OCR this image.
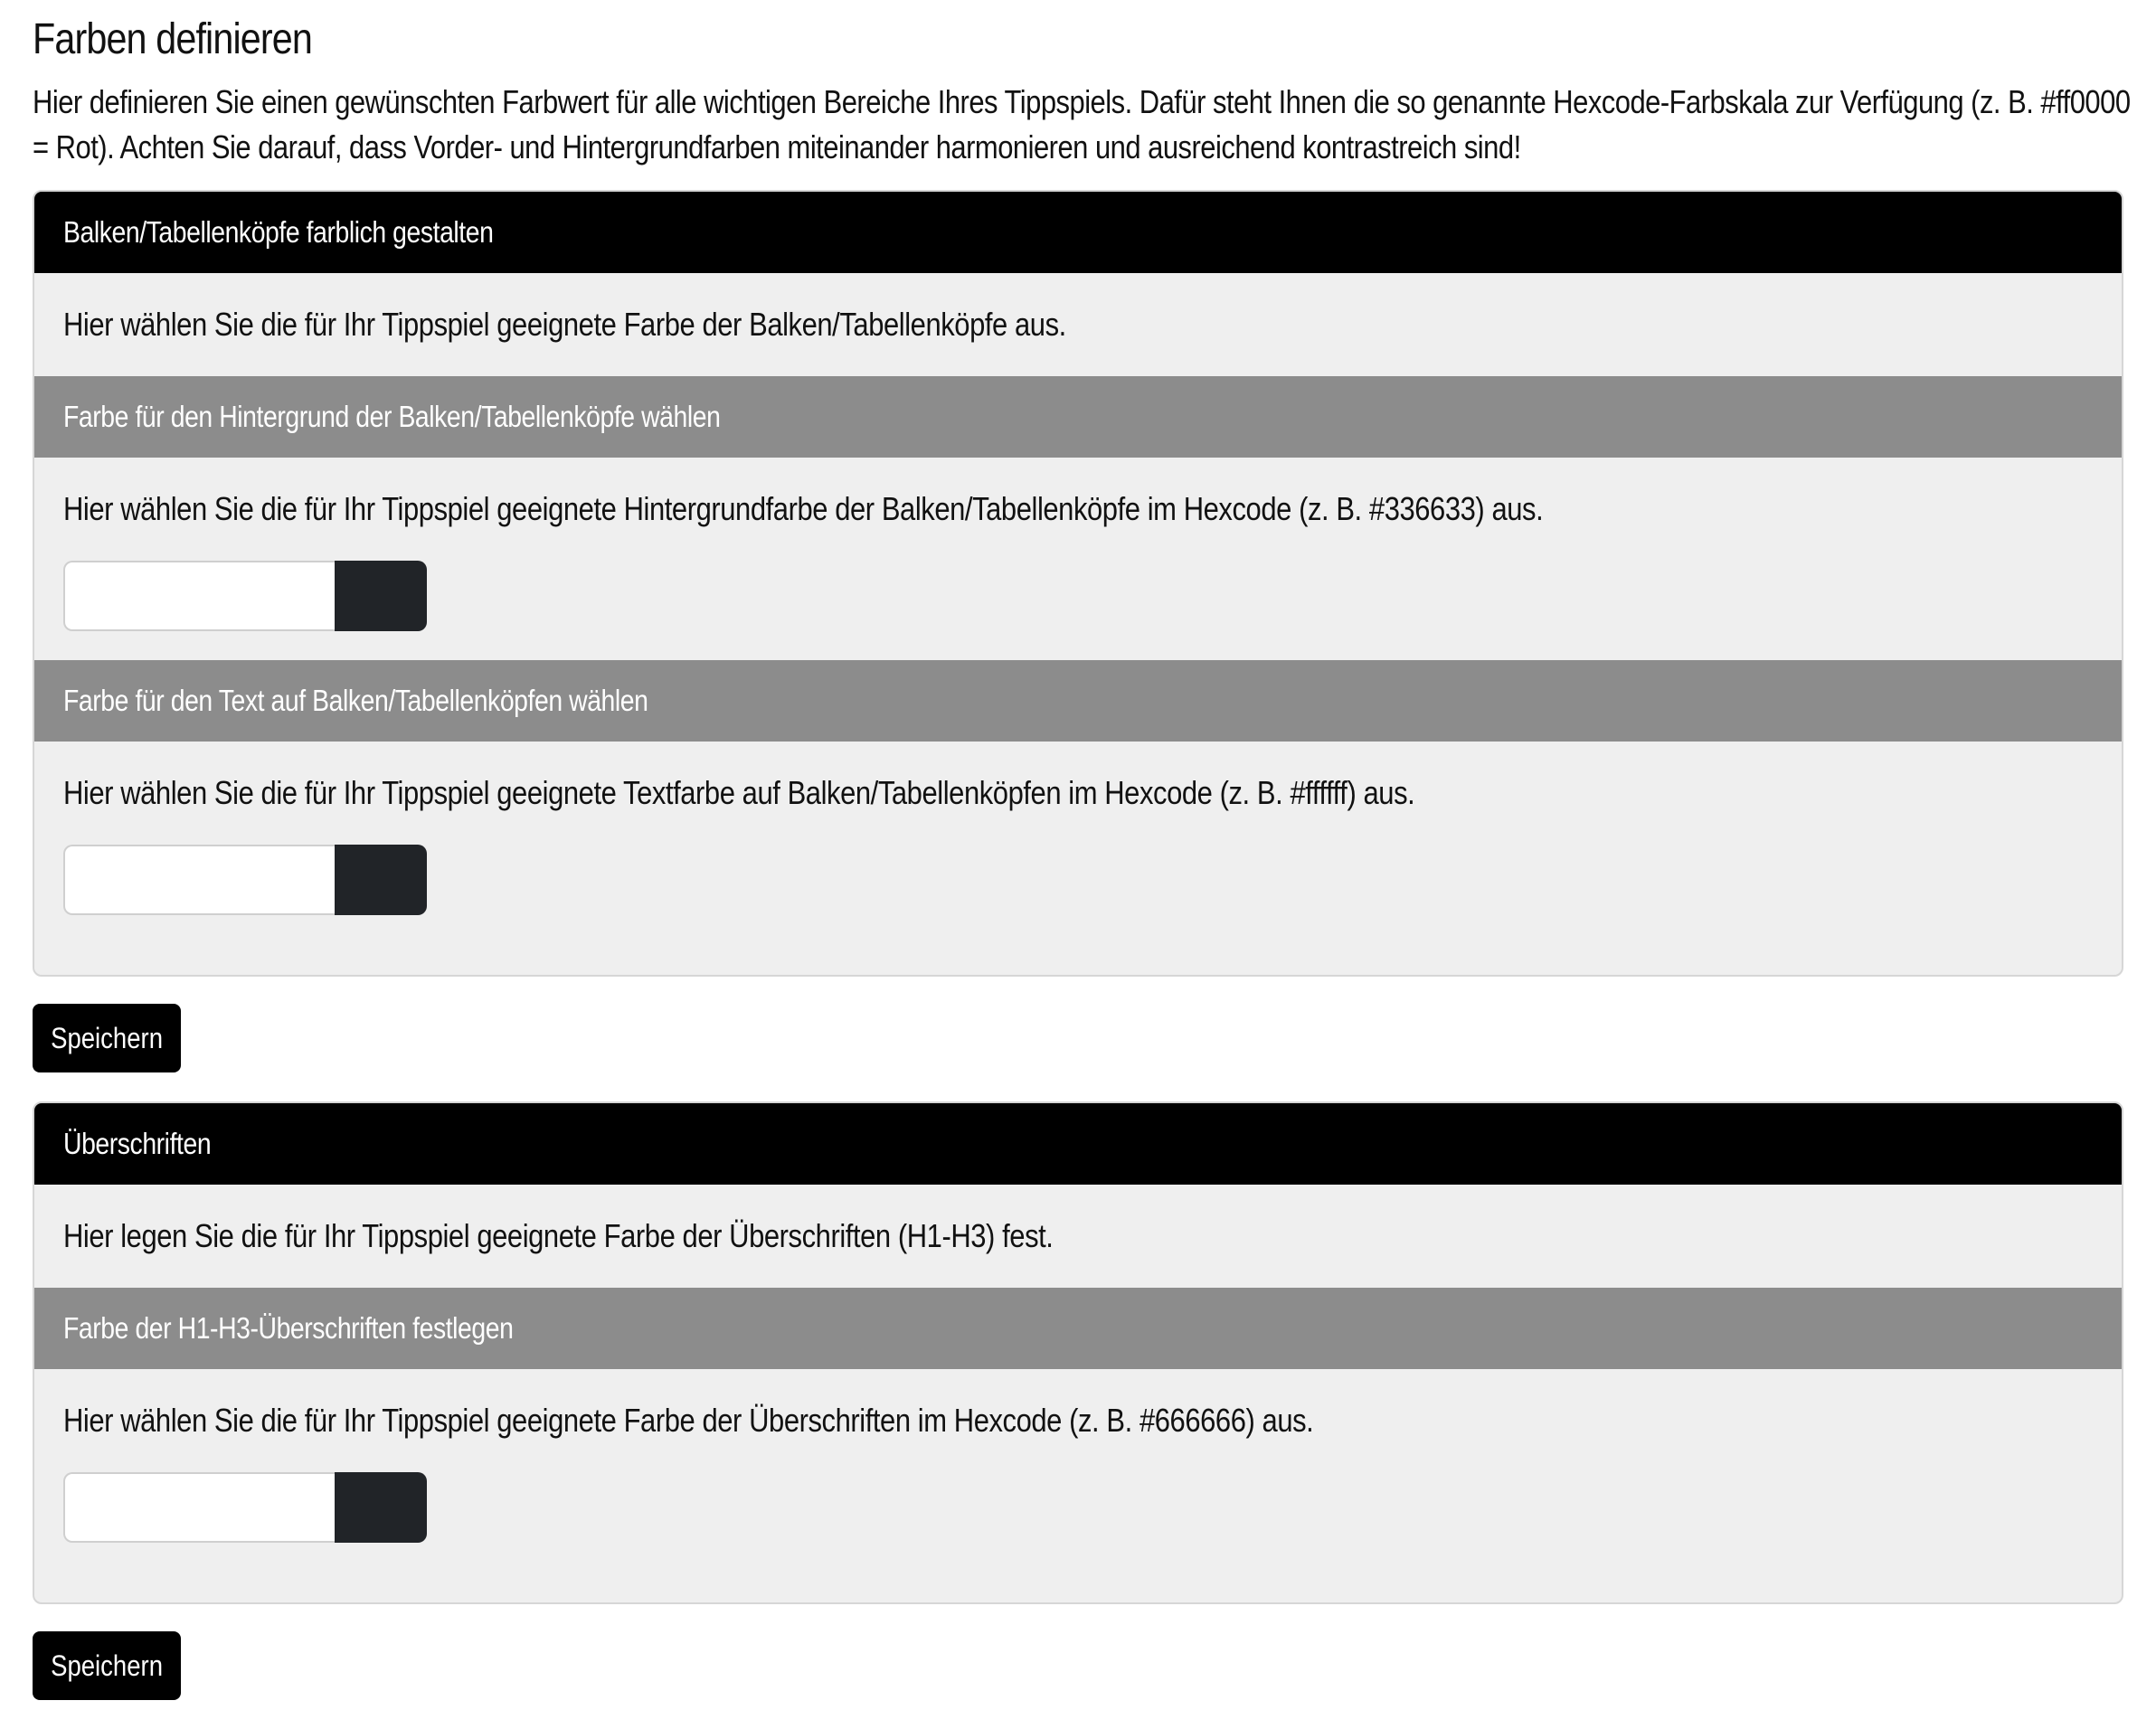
Farben definieren
Hier definieren Sie einen gewünschten Farbwert für alle wichtigen Bereiche Ihres Tippspiels. Dafür steht Ihnen die so genannte Hexcode-Farbskala zur Verfügung (z. B. #ff0000 = Rot). Achten Sie darauf, dass Vorder- und Hintergrundfarben miteinander harmonieren und ausreichend kontrastreich sind!
Balken/Tabellenköpfe farblich gestalten
Hier wählen Sie die für Ihr Tippspiel geeignete Farbe der Balken/Tabellenköpfe aus.
Farbe für den Hintergrund der Balken/Tabellenköpfe wählen
Hier wählen Sie die für Ihr Tippspiel geeignete Hintergrundfarbe der Balken/Tabellenköpfe im Hexcode (z. B. #336633) aus.
Farbe für den Text auf Balken/Tabellenköpfen wählen
Hier wählen Sie die für Ihr Tippspiel geeignete Textfarbe auf Balken/Tabellenköpfen im Hexcode (z. B. #ffffff) aus.
Speichern
Überschriften
Hier legen Sie die für Ihr Tippspiel geeignete Farbe der Überschriften (H1-H3) fest.
Farbe der H1-H3-Überschriften festlegen
Hier wählen Sie die für Ihr Tippspiel geeignete Farbe der Überschriften im Hexcode (z. B. #666666) aus.
Speichern
